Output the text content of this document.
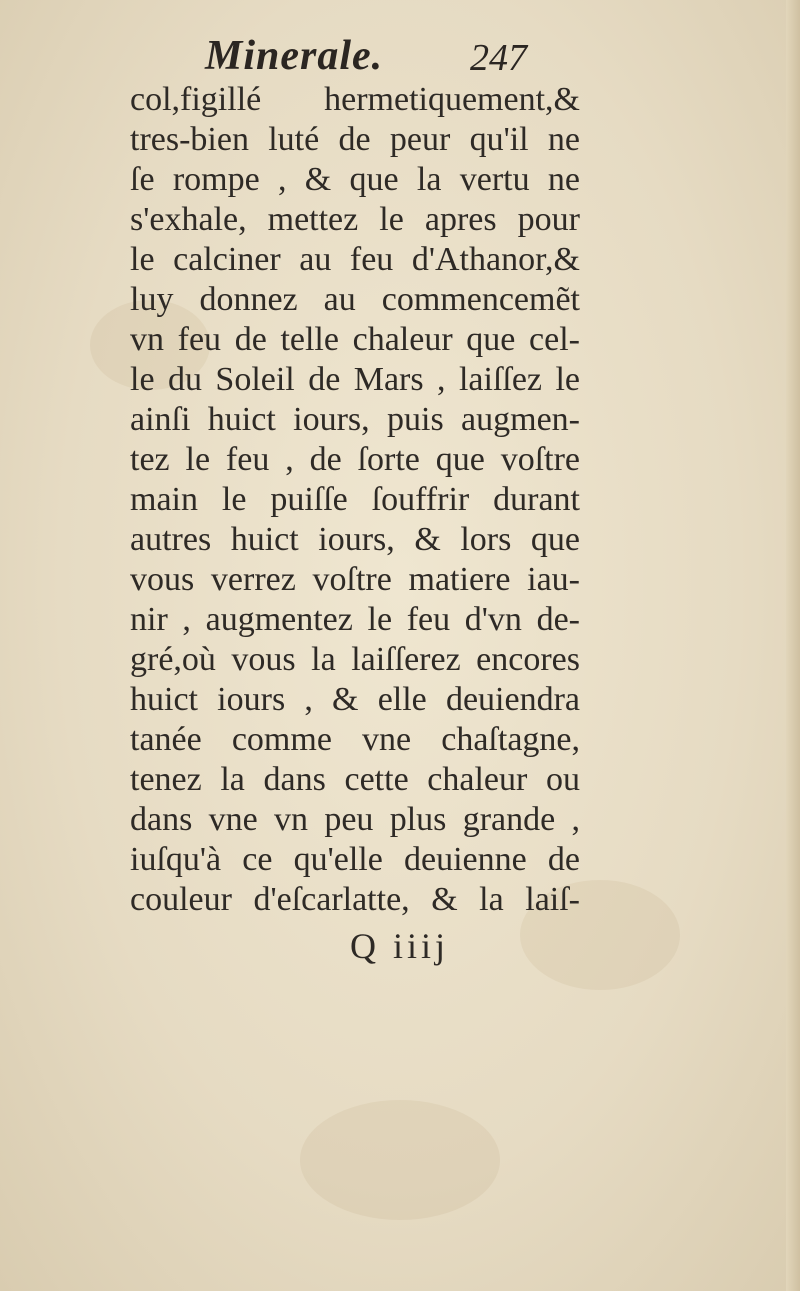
Minerale. 247
col,figillé hermetiquement,&
tres-bien luté de peur qu'il ne
ſe rompe , & que la vertu ne
s'exhale, mettez le apres pour
le calciner au feu d'Athanor,&
luy donnez au commencemẽt
vn feu de telle chaleur que cel-
le du Soleil de Mars , laiſſez le
ainſi huict iours, puis augmen-
tez le feu , de ſorte que voſtre
main le puiſſe ſouffrir durant
autres huict iours, & lors que
vous verrez voſtre matiere iau-
nir , augmentez le feu d'vn de-
gré,où vous la laiſſerez encores
huict iours , & elle deuiendra
tanée comme vne chaſtagne,
tenez la dans cette chaleur ou
dans vne vn peu plus grande ,
iuſqu'à ce qu'elle deuienne de
couleur d'eſcarlatte, & la laiſ-
Q iiij
